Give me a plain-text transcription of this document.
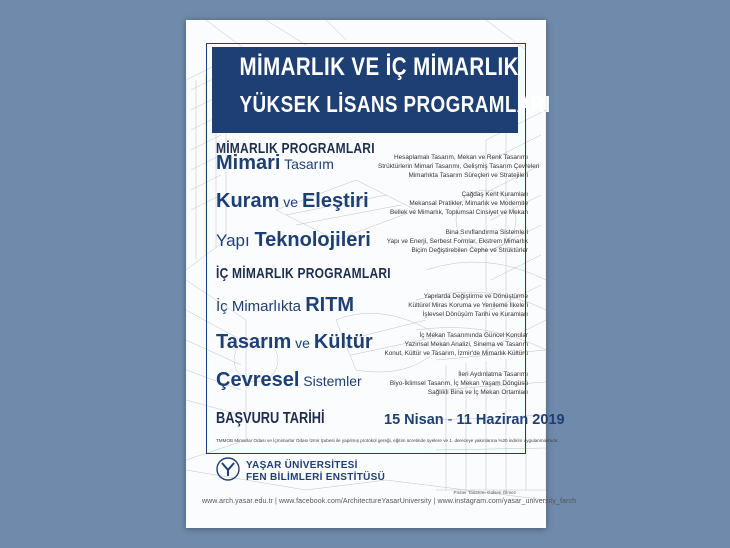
MİMARLIK VE İÇ MİMARLIK
YÜKSEK LİSANS PROGRAMLARI
MİMARLIK PROGRAMLARI
Mimari Tasarım	Hesaplamalı Tasarım, Mekan ve Renk Tasarımı
Strüktürlerin Mimari Tasarımı, Gelişmiş Tasarım Çevreleri
Mimarlıkta Tasarım Süreçleri ve Stratejileri
Kuram ve Eleştiri	Çağdaş Kent Kuramları
Mekansal Pratikler, Mimarlık ve Modernite
Bellek ve Mimarlık, Toplumsal Cinsiyet ve Mekan
Yapı Teknolojileri	Bina Sınıflandırma Sistemleri
Yapı ve Enerji, Serbest Formlar, Ekstrem Mimarlık
Biçim Değiştirebilen Cephe ve Strüktürler
İÇ MİMARLIK PROGRAMLARI
İç Mimarlıkta RITM	Yapılarda Değiştirme ve Dönüştürme
Kültürel Miras Koruma ve Yenileme İlkeleri
İşlevsel Dönüşüm Tarihi ve Kuramları
Tasarım ve Kültür	İç Mekan Tasarımında Güncel Konular
Yazınsal Mekan Analizi, Sinema ve Tasarım
Konut, Kültür ve Tasarım, İzmir'de Mimarlık Kültürü
Çevresel Sistemler	İleri Aydınlatma Tasarımı
Biyo-İklimsel Tasarım, İç Mekan Yaşam Döngüsü
Sağlıklı Bina ve İç Mekan Ortamları
BAŞVURU TARİHİ	15 Nisan - 11 Haziran 2019
TMMOB Mimarlar Odası ve İçmimarlar Odası İzmir Şubesi ile yapılmış protokol gereği, eğitim ücretinde üyelere ve 1. dereceye yakınlarına %20 indirim uygulanmaktadır.
YAŞAR ÜNİVERSİTESİ
FEN BİLİMLERİ ENSTİTÜSÜ
Poster Tasarımı Gülsen Ölmez
www.arch.yasar.edu.tr | www.facebook.com/ArchitectureYasarUniversity | www.instagram.com/yasar_university_farch
